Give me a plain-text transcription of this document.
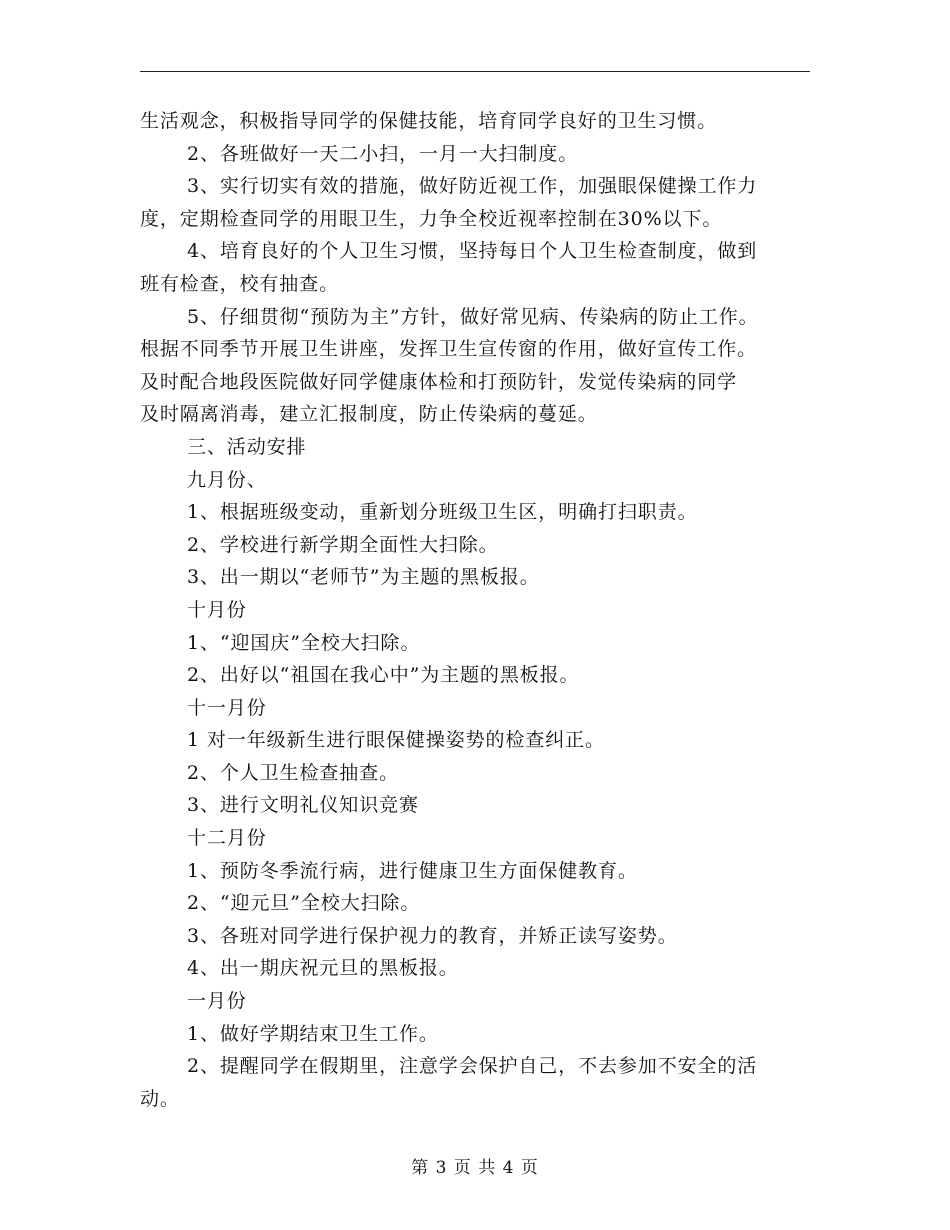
生活观念，积极指导同学的保健技能，培育同学良好的卫生习惯。
2、各班做好一天二小扫，一月一大扫制度。
3、实行切实有效的措施，做好防近视工作，加强眼保健操工作力
度，定期检查同学的用眼卫生，力争全校近视率控制在30%以下。
4、培育良好的个人卫生习惯，坚持每日个人卫生检查制度，做到
班有检查，校有抽查。
5、仔细贯彻“预防为主”方针，做好常见病、传染病的防止工作。
根据不同季节开展卫生讲座，发挥卫生宣传窗的作用，做好宣传工作。
及时配合地段医院做好同学健康体检和打预防针，发觉传染病的同学
及时隔离消毒，建立汇报制度，防止传染病的蔓延。
三、活动安排
九月份、
1、根据班级变动，重新划分班级卫生区，明确打扫职责。
2、学校进行新学期全面性大扫除。
3、出一期以“老师节”为主题的黑板报。
十月份
1、“迎国庆”全校大扫除。
2、出好以“祖国在我心中”为主题的黑板报。
十一月份
1 对一年级新生进行眼保健操姿势的检查纠正。
2、个人卫生检查抽查。
3、进行文明礼仪知识竞赛
十二月份
1、预防冬季流行病，进行健康卫生方面保健教育。
2、“迎元旦”全校大扫除。
3、各班对同学进行保护视力的教育，并矫正读写姿势。
4、出一期庆祝元旦的黑板报。
一月份
1、做好学期结束卫生工作。
2、提醒同学在假期里，注意学会保护自己，不去参加不安全的活
动。
第 3 页 共 4 页
